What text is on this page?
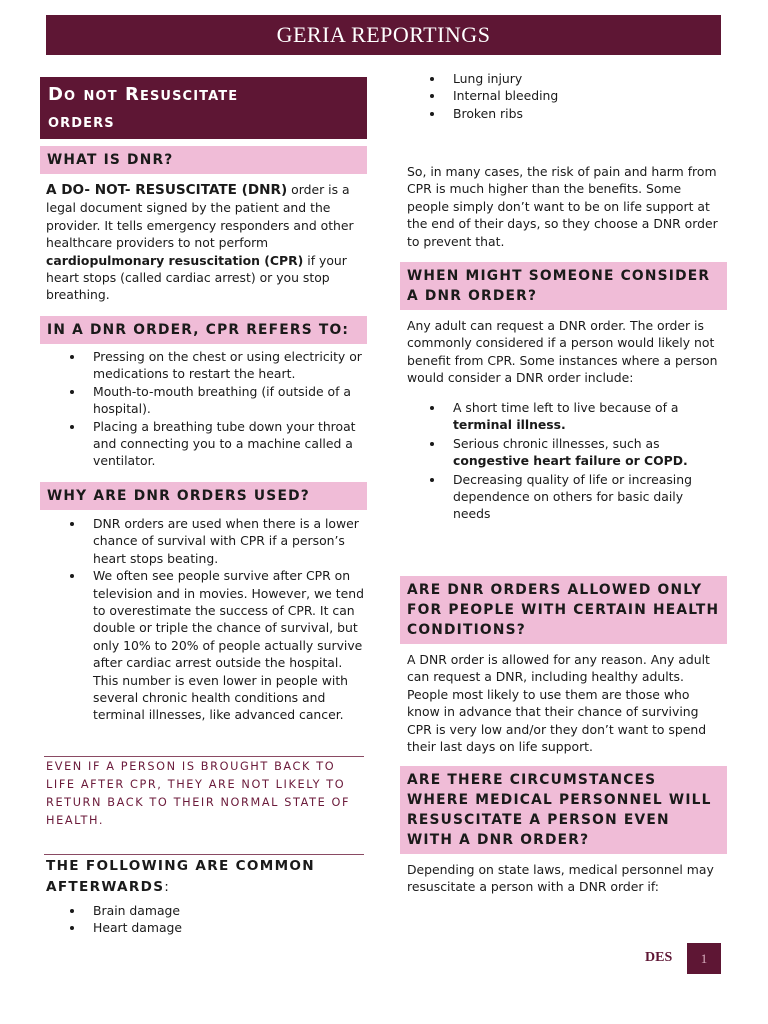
GERIA REPORTINGS
Do not Resuscitate
orders
WHAT IS DNR?
A DO- NOT- RESUSCITATE (DNR) order is a legal document signed by the patient and the provider. It tells emergency responders and other healthcare providers to not perform cardiopulmonary resuscitation (CPR) if your heart stops (called cardiac arrest) or you stop breathing.
IN A DNR ORDER, CPR REFERS TO:
Pressing on the chest or using electricity or medications to restart the heart.
Mouth-to-mouth breathing (if outside of a hospital).
Placing a breathing tube down your throat and connecting you to a machine called a ventilator.
WHY ARE DNR ORDERS USED?
DNR orders are used when there is a lower chance of survival with CPR if a person’s heart stops beating.
We often see people survive after CPR on television and in movies. However, we tend to overestimate the success of CPR. It can double or triple the chance of survival, but only 10% to 20% of people actually survive after cardiac arrest outside the hospital. This number is even lower in people with several chronic health conditions and terminal illnesses, like advanced cancer.
EVEN IF A PERSON IS BROUGHT BACK TO LIFE AFTER CPR, THEY ARE NOT LIKELY TO RETURN BACK TO THEIR NORMAL STATE OF HEALTH.
THE FOLLOWING ARE COMMON
AFTERWARDS:
Brain damage
Heart damage
Lung injury
Internal bleeding
Broken ribs
So, in many cases, the risk of pain and harm from CPR is much higher than the benefits. Some people simply don’t want to be on life support at the end of their days, so they choose a DNR order to prevent that.
WHEN MIGHT SOMEONE CONSIDER A DNR ORDER?
Any adult can request a DNR order. The order is commonly considered if a person would likely not benefit from CPR. Some instances where a person would consider a DNR order include:
A short time left to live because of a terminal illness.
Serious chronic illnesses, such as congestive heart failure or COPD.
Decreasing quality of life or increasing dependence on others for basic daily needs
ARE DNR ORDERS ALLOWED ONLY FOR PEOPLE WITH CERTAIN HEALTH CONDITIONS?
A DNR order is allowed for any reason. Any adult can request a DNR, including healthy adults. People most likely to use them are those who know in advance that their chance of surviving CPR is very low and/or they don’t want to spend their last days on life support.
ARE THERE CIRCUMSTANCES WHERE MEDICAL PERSONNEL WILL RESUSCITATE A PERSON EVEN WITH A DNR ORDER?
Depending on state laws, medical personnel may resuscitate a person with a DNR order if:
DES	1
